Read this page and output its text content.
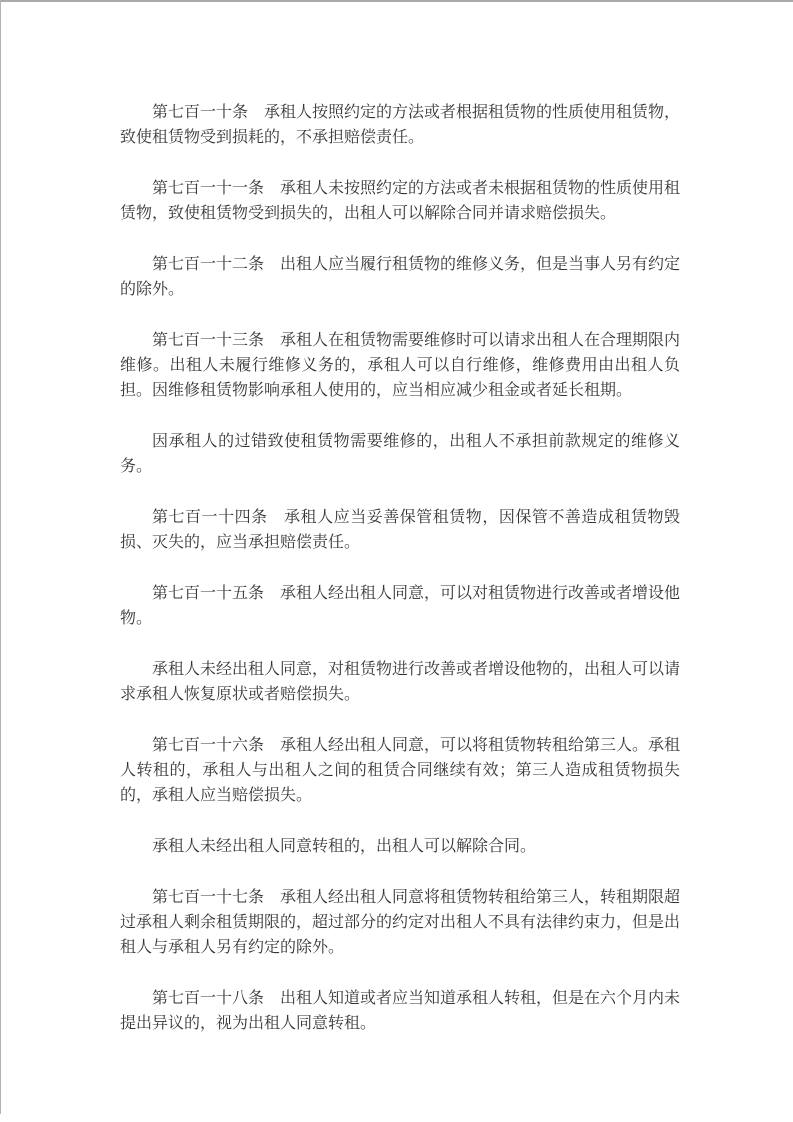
第七百一十条　承租人按照约定的方法或者根据租赁物的性质使用租赁物，致使租赁物受到损耗的，不承担赔偿责任。

第七百一十一条　承租人未按照约定的方法或者未根据租赁物的性质使用租赁物，致使租赁物受到损失的，出租人可以解除合同并请求赔偿损失。

第七百一十二条　出租人应当履行租赁物的维修义务，但是当事人另有约定的除外。

第七百一十三条　承租人在租赁物需要维修时可以请求出租人在合理期限内维修。出租人未履行维修义务的，承租人可以自行维修，维修费用由出租人负担。因维修租赁物影响承租人使用的，应当相应减少租金或者延长租期。

因承租人的过错致使租赁物需要维修的，出租人不承担前款规定的维修义务。

第七百一十四条　承租人应当妥善保管租赁物，因保管不善造成租赁物毁损、灭失的，应当承担赔偿责任。

第七百一十五条　承租人经出租人同意，可以对租赁物进行改善或者增设他物。

承租人未经出租人同意，对租赁物进行改善或者增设他物的，出租人可以请求承租人恢复原状或者赔偿损失。

第七百一十六条　承租人经出租人同意，可以将租赁物转租给第三人。承租人转租的，承租人与出租人之间的租赁合同继续有效；第三人造成租赁物损失的，承租人应当赔偿损失。

承租人未经出租人同意转租的，出租人可以解除合同。

第七百一十七条　承租人经出租人同意将租赁物转租给第三人，转租期限超过承租人剩余租赁期限的，超过部分的约定对出租人不具有法律约束力，但是出租人与承租人另有约定的除外。

第七百一十八条　出租人知道或者应当知道承租人转租，但是在六个月内未提出异议的，视为出租人同意转租。
